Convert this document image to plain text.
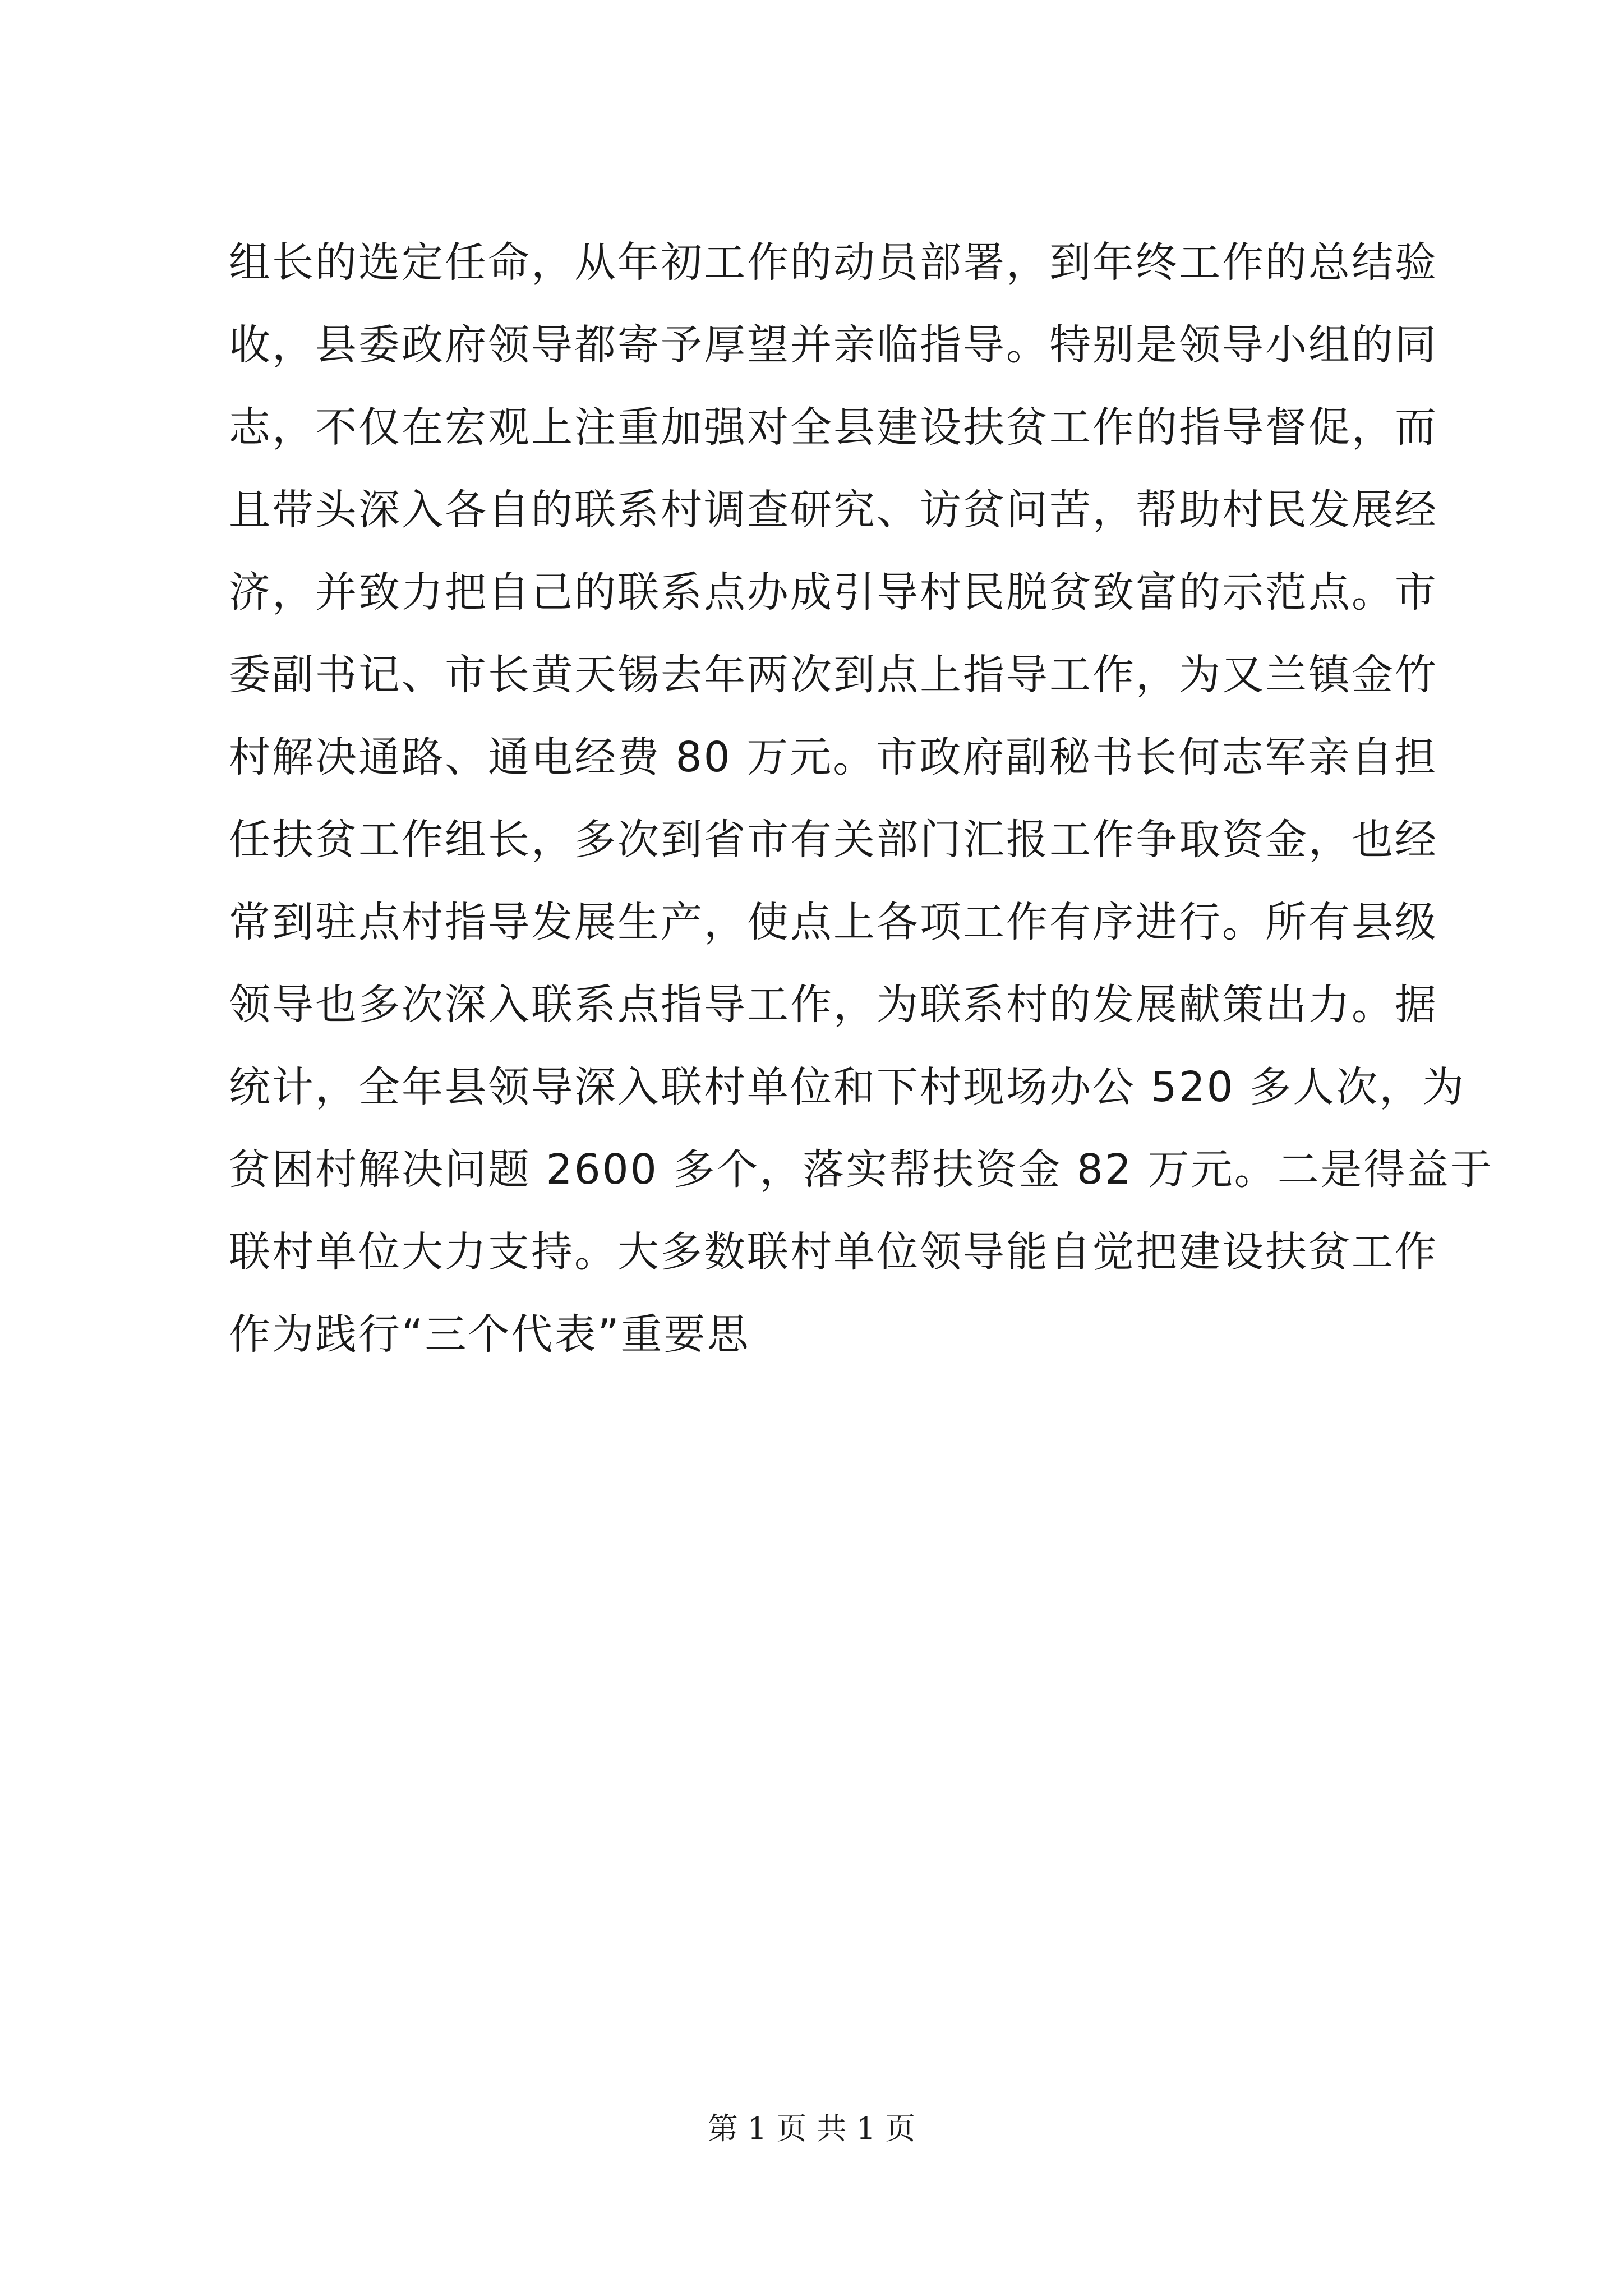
组长的选定任命，从年初工作的动员部署，到年终工作的总结验
收，县委政府领导都寄予厚望并亲临指导。特别是领导小组的同
志，不仅在宏观上注重加强对全县建设扶贫工作的指导督促，而
且带头深入各自的联系村调查研究、访贫问苦，帮助村民发展经
济，并致力把自己的联系点办成引导村民脱贫致富的示范点。市
委副书记、市长黄天锡去年两次到点上指导工作，为又兰镇金竹
村解决通路、通电经费 80 万元。市政府副秘书长何志军亲自担
任扶贫工作组长，多次到省市有关部门汇报工作争取资金，也经
常到驻点村指导发展生产，使点上各项工作有序进行。所有县级
领导也多次深入联系点指导工作，为联系村的发展献策出力。据
统计，全年县领导深入联村单位和下村现场办公 520 多人次，为
贫困村解决问题 2600 多个，落实帮扶资金 82 万元。二是得益于
联村单位大力支持。大多数联村单位领导能自觉把建设扶贫工作
作为践行“三个代表”重要思
第 1 页 共 1 页
